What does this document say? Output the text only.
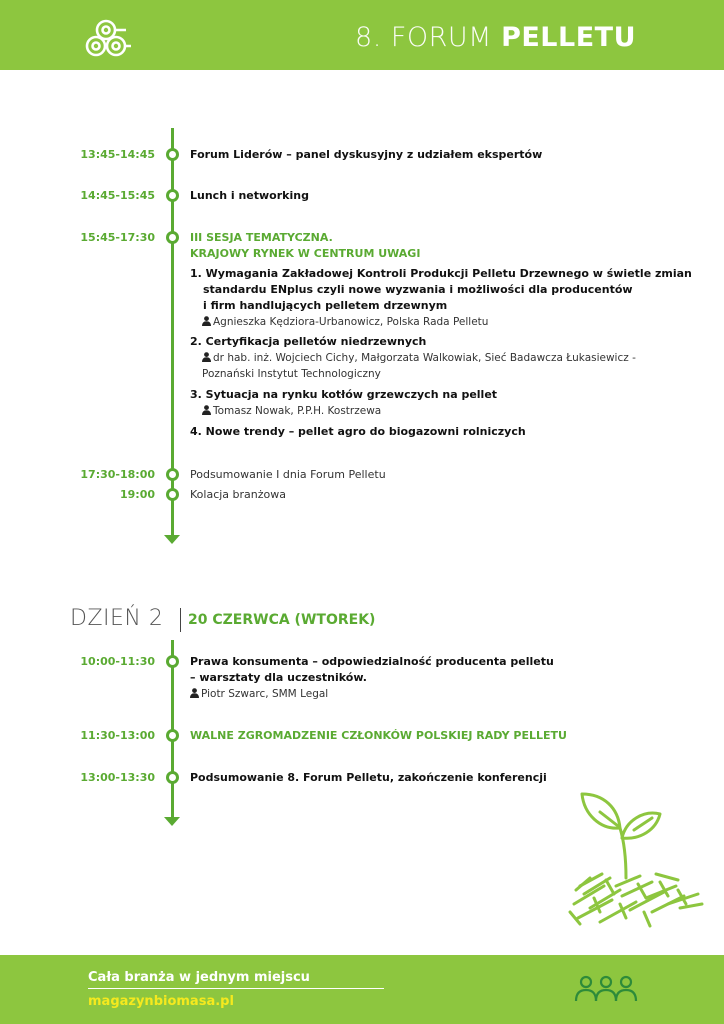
8. FORUM PELLETU
13:45-14:45	Forum Liderów – panel dyskusyjny z udziałem ekspertów
14:45-15:45	Lunch i networking
15:45-17:30	III SESJA TEMATYCZNA.
KRAJOWY RYNEK W CENTRUM UWAGI
1. Wymagania Zakładowej Kontroli Produkcji Pelletu Drzewnego w świetle zmian
standardu ENplus czyli nowe wyzwania i możliwości dla producentów
i firm handlujących pelletem drzewnym
Agnieszka Kędziora-Urbanowicz, Polska Rada Pelletu
2. Certyfikacja pelletów niedrzewnych
dr hab. inż. Wojciech Cichy, Małgorzata Walkowiak, Sieć Badawcza Łukasiewicz -
Poznański Instytut Technologiczny
3. Sytuacja na rynku kotłów grzewczych na pellet
Tomasz Nowak, P.P.H. Kostrzewa
4. Nowe trendy – pellet agro do biogazowni rolniczych
17:30-18:00	Podsumowanie I dnia Forum Pelletu
19:00	Kolacja branżowa
DZIEŃ 2 20 CZERWCA (WTOREK)
10:00-11:30	Prawa konsumenta – odpowiedzialność producenta pelletu
– warsztaty dla uczestników.
Piotr Szwarc, SMM Legal
11:30-13:00	WALNE ZGROMADZENIE CZŁONKÓW POLSKIEJ RADY PELLETU
13:00-13:30	Podsumowanie 8. Forum Pelletu, zakończenie konferencji
Cała branża w jednym miejscu
magazynbiomasa.pl
